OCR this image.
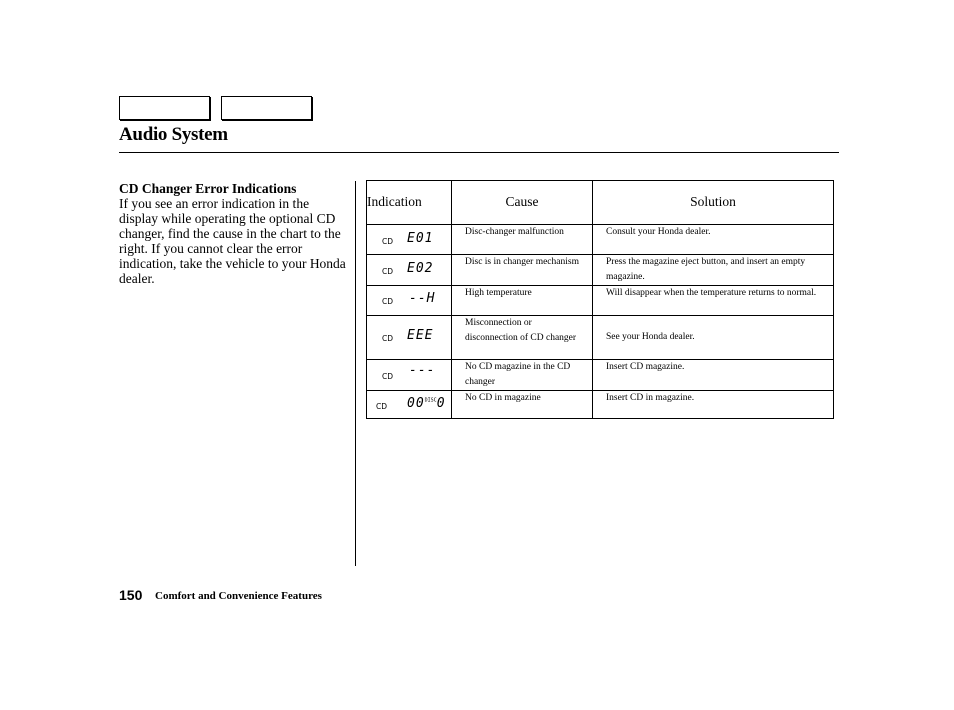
Audio System
CD Changer Error Indications
If you see an error indication in the display while operating the optional CD changer, find the cause in the chart to the right. If you cannot clear the error indication, take the vehicle to your Honda dealer.
Indication	Cause	Solution

CD E01	Disc-changer malfunction	Consult your Honda dealer.

CD E02	Disc is in changer mechanism	Press the magazine eject button, and insert an empty magazine.

CD --H	High temperature	Will disappear when the temperature returns to normal.

CD EEE	Misconnection or disconnection of CD changer	See your Honda dealer.

CD ---	No CD magazine in the CD changer	Insert CD magazine.

CD $00^{DISC}0$	No CD in magazine	Insert CD in magazine.
150 Comfort and Convenience Features
